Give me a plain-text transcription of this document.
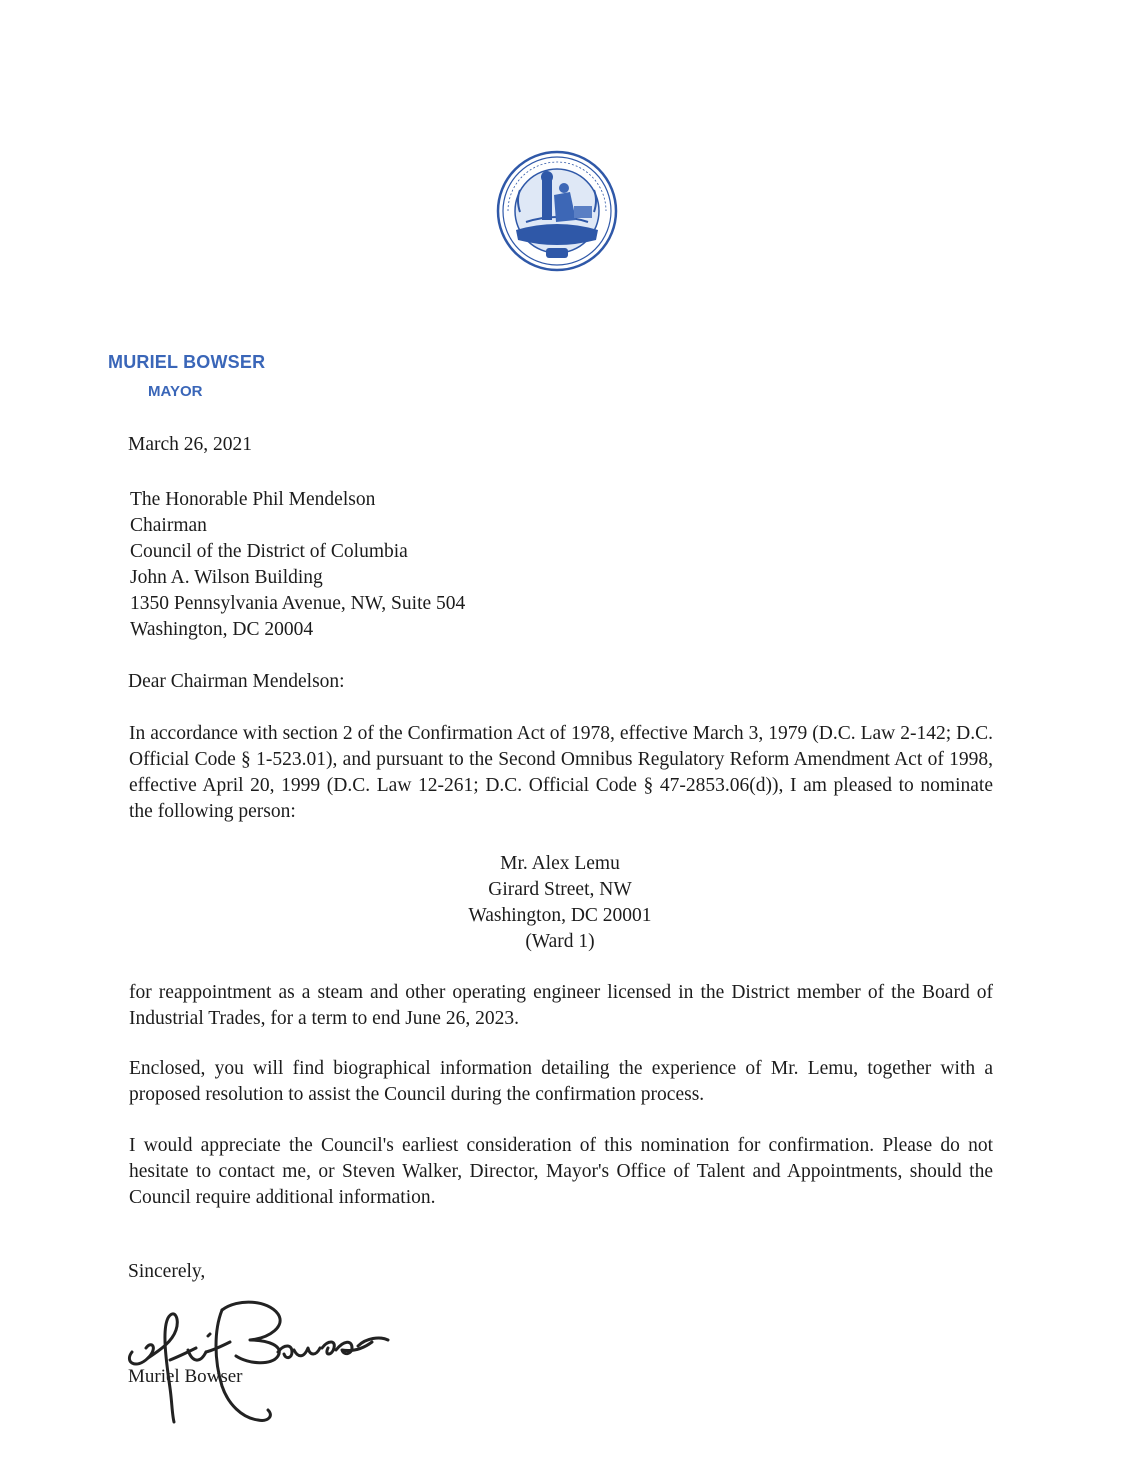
MURIEL BOWSER
MAYOR
March 26, 2021
The Honorable Phil Mendelson
Chairman
Council of the District of Columbia
John A. Wilson Building
1350 Pennsylvania Avenue, NW, Suite 504
Washington, DC 20004
Dear Chairman Mendelson:
In accordance with section 2 of the Confirmation Act of 1978, effective March 3, 1979 (D.C. Law 2-142; D.C. Official Code § 1-523.01), and pursuant to the Second Omnibus Regulatory Reform Amendment Act of 1998, effective April 20, 1999 (D.C. Law 12-261; D.C. Official Code § 47-2853.06(d)), I am pleased to nominate the following person:
Mr. Alex Lemu
Girard Street, NW
Washington, DC 20001
(Ward 1)
for reappointment as a steam and other operating engineer licensed in the District member of the Board of Industrial Trades, for a term to end June 26, 2023.
Enclosed, you will find biographical information detailing the experience of Mr. Lemu, together with a proposed resolution to assist the Council during the confirmation process.
I would appreciate the Council's earliest consideration of this nomination for confirmation. Please do not hesitate to contact me, or Steven Walker, Director, Mayor's Office of Talent and Appointments, should the Council require additional information.
Sincerely,
Muriel Bowser
